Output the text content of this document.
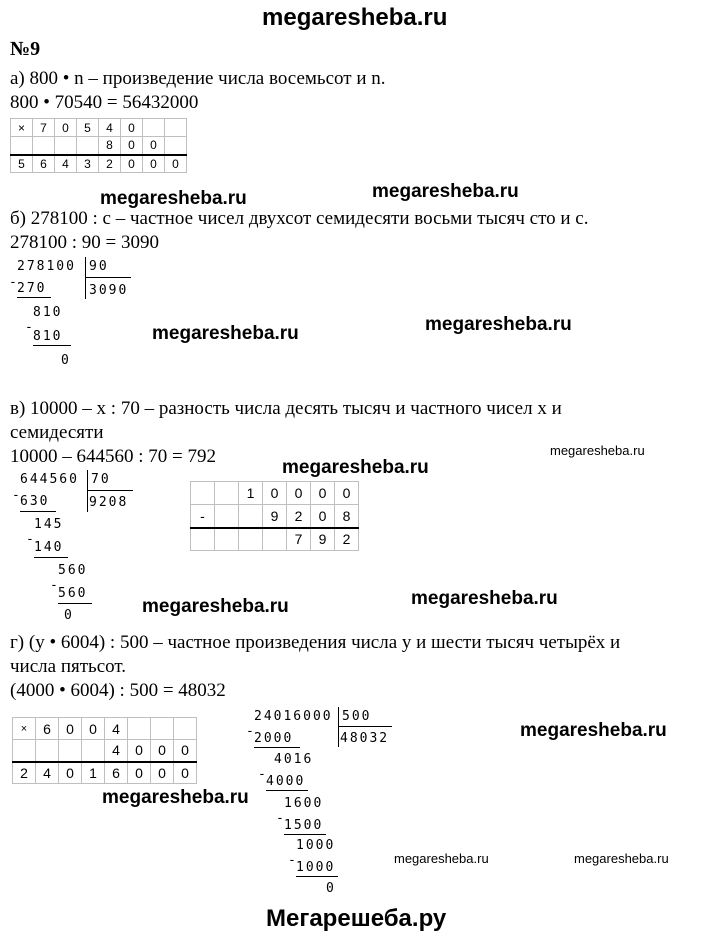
megaresheba.ru
№9
а) 800 • n – произведение числа восемьсот и n.
800 • 70540 = 56432000
×	7	0	5	4	0		
				8	0	0	
5	6	4	3	2	0	0	0
megaresheba.ru	megaresheba.ru
б) 278100 : c – частное чисел двухсот семидесяти восьми тысяч сто и c.
278100 : 90 = 3090
278100 90
3090
-
270
810
-
810
0
megaresheba.ru	megaresheba.ru
в) 10000 – x : 70 – разность числа десять тысяч и частного чисел x и
семидесяти
megaresheba.ru
10000 – 644560 : 70 = 792
megaresheba.ru
644560 70
9208
-
630
145
-
140
560
-
560
0
		1	0	0	0	0
-			9	2	0	8
				7	9	2
megaresheba.ru	megaresheba.ru
г) (y • 6004) : 500 – частное произведения числа y и шести тысяч четырёх и
числа пятьсот.
(4000 • 6004) : 500 = 48032
×	6	0	0	4			
				4	0	0	0
2	4	0	1	6	0	0	0
24016000 500
48032
-
2000
4016
-
4000
1600
-
1500
1000
-
1000
0
megaresheba.ru
megaresheba.ru
megaresheba.ru	megaresheba.ru
Мегарешеба.ру
